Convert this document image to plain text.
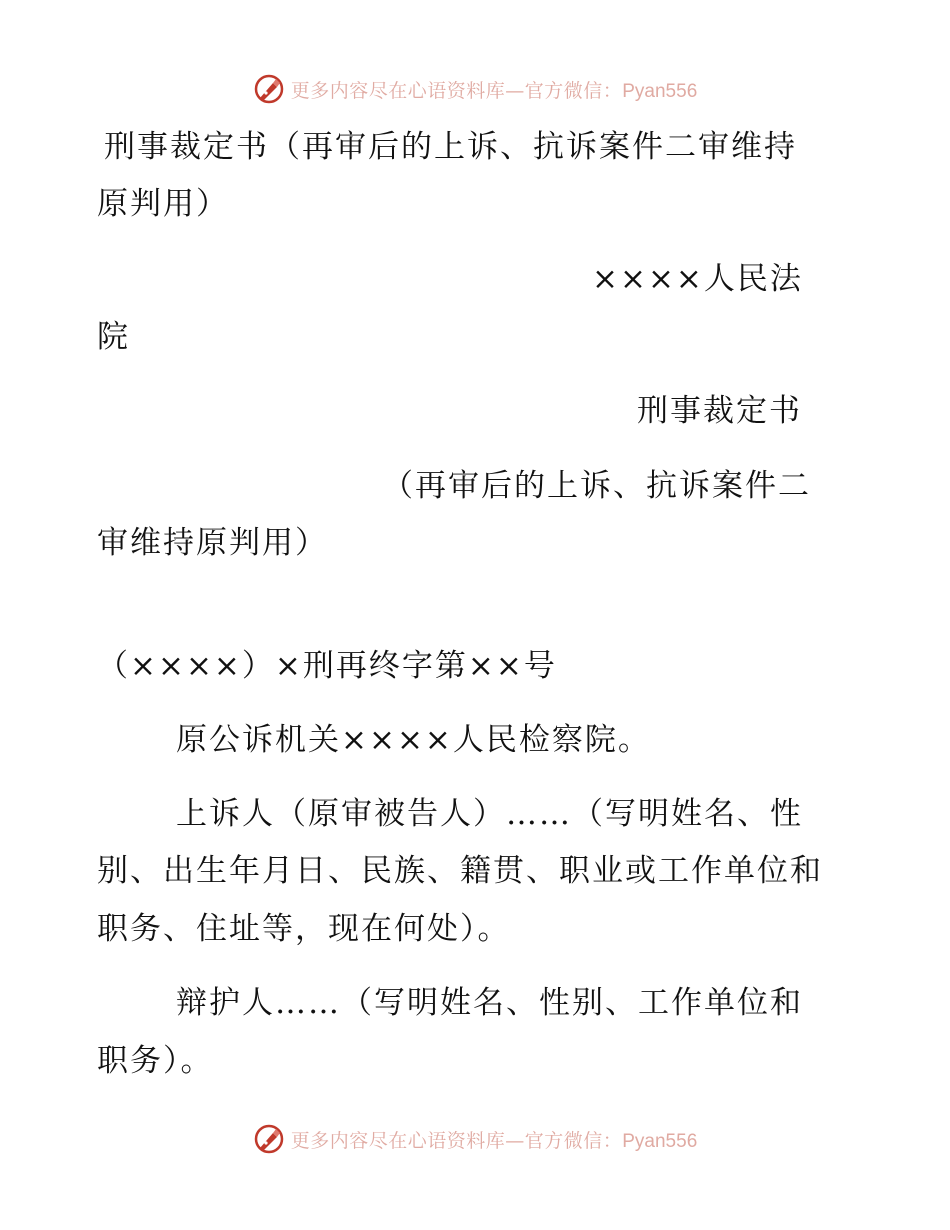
更多内容尽在心语资料库—官方微信：Pyan556
刑事裁定书（再审后的上诉、抗诉案件二审维持
原判用）
××××人民法
院
刑事裁定书
（再审后的上诉、抗诉案件二
审维持原判用）
（××××）×刑再终字第××号
原公诉机关××××人民检察院。
上诉人（原审被告人）……（写明姓名、性
别、出生年月日、民族、籍贯、职业或工作单位和
职务、住址等，现在何处）。
辩护人……（写明姓名、性别、工作单位和
职务）。
更多内容尽在心语资料库—官方微信：Pyan556
